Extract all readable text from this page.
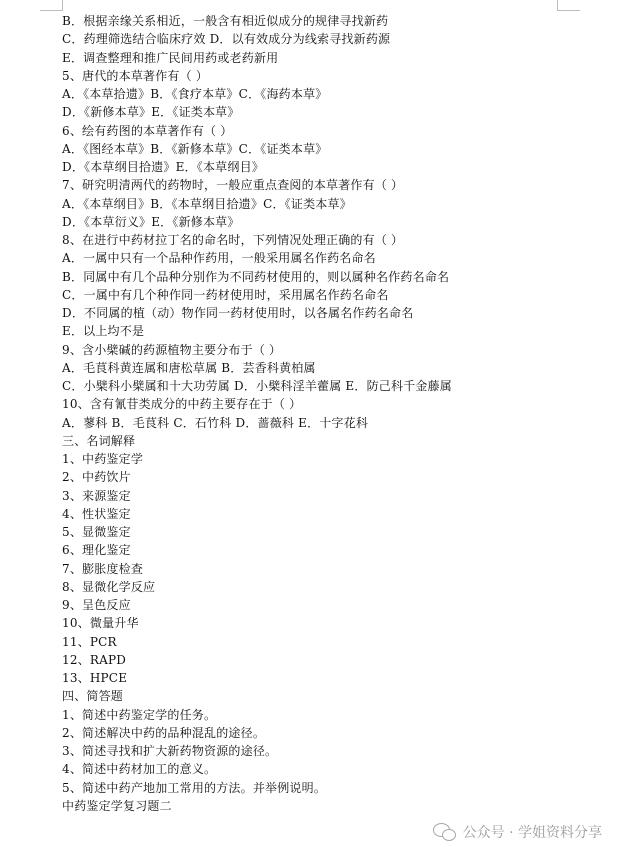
B．根据亲缘关系相近，一般含有相近似成分的规律寻找新药
C．药理筛选结合临床疗效 D．以有效成分为线索寻找新药源
E．调查整理和推广民间用药或老药新用
5、唐代的本草著作有（ ）
A．《本草拾遗》B．《食疗本草》C．《海药本草》
D．《新修本草》E．《证类本草》
6、绘有药图的本草著作有（ ）
A．《图经本草》B．《新修本草》C．《证类本草》
D．《本草纲目拾遗》E．《本草纲目》
7、研究明清两代的药物时，一般应重点查阅的本草著作有（ ）
A．《本草纲目》B．《本草纲目拾遗》C．《证类本草》
D．《本草衍义》E．《新修本草》
8、在进行中药材拉丁名的命名时，下列情况处理正确的有（ ）
A．一属中只有一个品种作药用，一般采用属名作药名命名
B．同属中有几个品种分别作为不同药材使用的，则以属种名作药名命名
C．一属中有几个种作同一药材使用时，采用属名作药名命名
D．不同属的植（动）物作同一药材使用时，以各属名作药名命名
E．以上均不是
9、含小檗碱的药源植物主要分布于（ ）
A．毛茛科黄连属和唐松草属 B．芸香科黄柏属
C．小檗科小檗属和十大功劳属 D．小檗科淫羊藿属 E．防己科千金藤属
10、含有氰苷类成分的中药主要存在于（ ）
A．蓼科 B．毛茛科 C．石竹科 D．蔷薇科 E．十字花科
三、名词解释
1、中药鉴定学
2、中药饮片
3、来源鉴定
4、性状鉴定
5、显微鉴定
6、理化鉴定
7、膨胀度检查
8、显微化学反应
9、呈色反应
10、微量升华
11、PCR
12、RAPD
13、HPCE
四、简答题
1、简述中药鉴定学的任务。
2、简述解决中药的品种混乱的途径。
3、简述寻找和扩大新药物资源的途径。
4、简述中药材加工的意义。
5、简述中药产地加工常用的方法。并举例说明。
中药鉴定学复习题二
公众号 · 学姐资料分享
